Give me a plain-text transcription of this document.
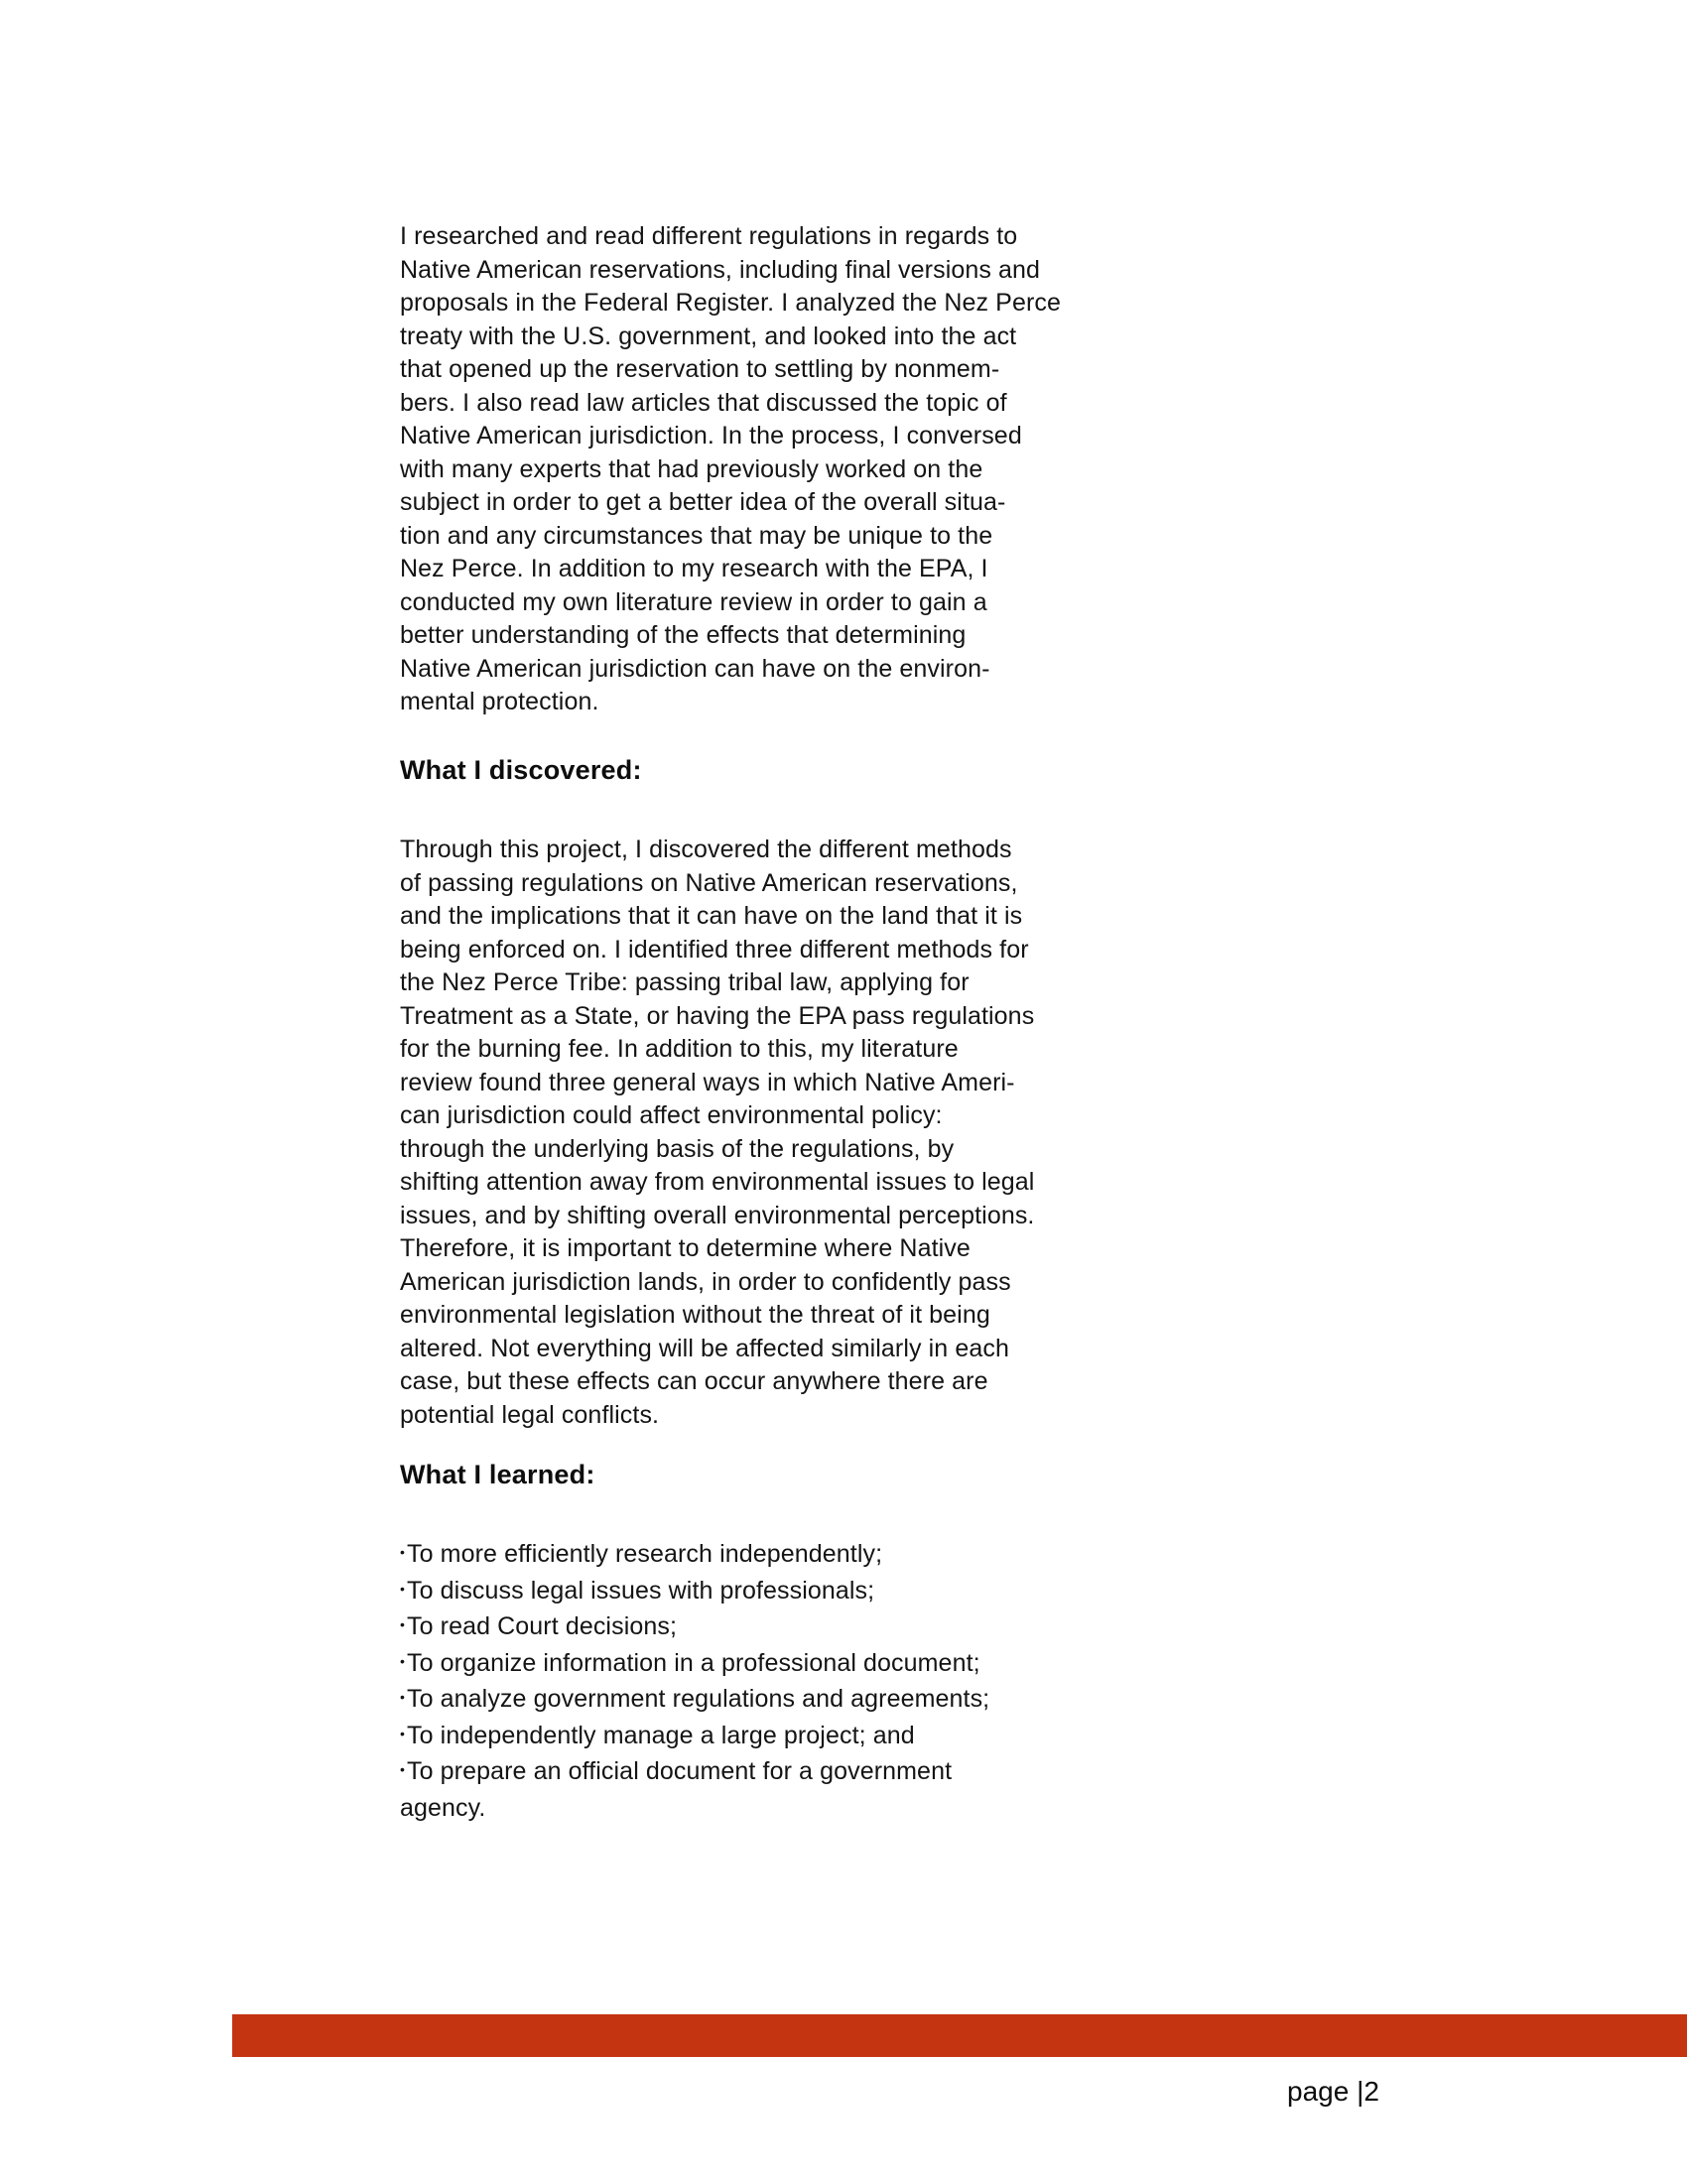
I researched and read different regulations in regards to
Native American reservations, including final versions and
proposals in the Federal Register. I analyzed the Nez Perce
treaty with the U.S. government, and looked into the act
that opened up the reservation to settling by nonmem-
bers. I also read law articles that discussed the topic of
Native American jurisdiction. In the process, I conversed
with many experts that had previously worked on the
subject in order to get a better idea of the overall situa-
tion and any circumstances that may be unique to the
Nez Perce. In addition to my research with the EPA, I
conducted my own literature review in order to gain a
better understanding of the effects that determining
Native American jurisdiction can have on the environ-
mental protection.
What I discovered:
Through this project, I discovered the different methods
of passing regulations on Native American reservations,
and the implications that it can have on the land that it is
being enforced on. I identified three different methods for
the Nez Perce Tribe: passing tribal law, applying for
Treatment as a State, or having the EPA pass regulations
for the burning fee. In addition to this, my literature
review found three general ways in which Native Ameri-
can jurisdiction could affect environmental policy:
through the underlying basis of the regulations, by
shifting attention away from environmental issues to legal
issues, and by shifting overall environmental perceptions.
Therefore, it is important to determine where Native
American jurisdiction lands, in order to confidently pass
environmental legislation without the threat of it being
altered. Not everything will be affected similarly in each
case, but these effects can occur anywhere there are
potential legal conflicts.
What I learned:
•To more efficiently research independently;
•To discuss legal issues with professionals;
•To read Court decisions;
•To organize information in a professional document;
•To analyze government regulations and agreements;
•To independently manage a large project; and
•To prepare an official document for a government
agency.
page |2
